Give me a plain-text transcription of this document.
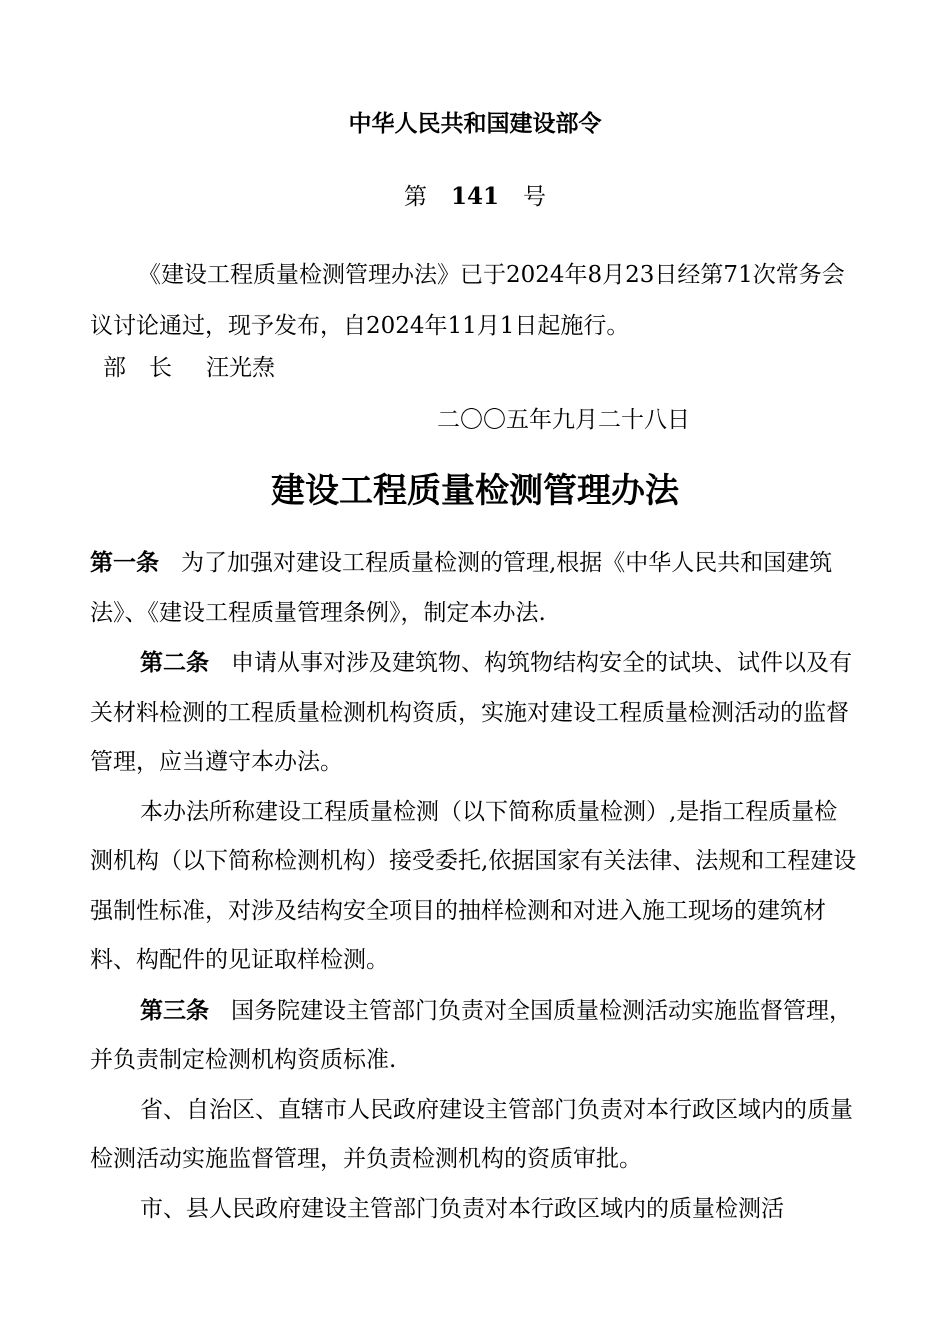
中华人民共和国建设部令
第 141 号

《建设工程质量检测管理办法》已于2024年8月23日经第71次常务会议讨论通过，现予发布，自2024年11月1日起施行。

部　长 汪光焘
二〇〇五年九月二十八日
建设工程质量检测管理办法

第一条 为了加强对建设工程质量检测的管理,根据《中华人民共和国建筑法》、《建设工程质量管理条例》，制定本办法.

第二条 申请从事对涉及建筑物、构筑物结构安全的试块、试件以及有关材料检测的工程质量检测机构资质，实施对建设工程质量检测活动的监督管理，应当遵守本办法。

本办法所称建设工程质量检测（以下简称质量检测）,是指工程质量检测机构（以下简称检测机构）接受委托,依据国家有关法律、法规和工程建设强制性标准，对涉及结构安全项目的抽样检测和对进入施工现场的建筑材料、构配件的见证取样检测。

第三条 国务院建设主管部门负责对全国质量检测活动实施监督管理，并负责制定检测机构资质标准.

省、自治区、直辖市人民政府建设主管部门负责对本行政区域内的质量检测活动实施监督管理，并负责检测机构的资质审批。

市、县人民政府建设主管部门负责对本行政区域内的质量检测活
